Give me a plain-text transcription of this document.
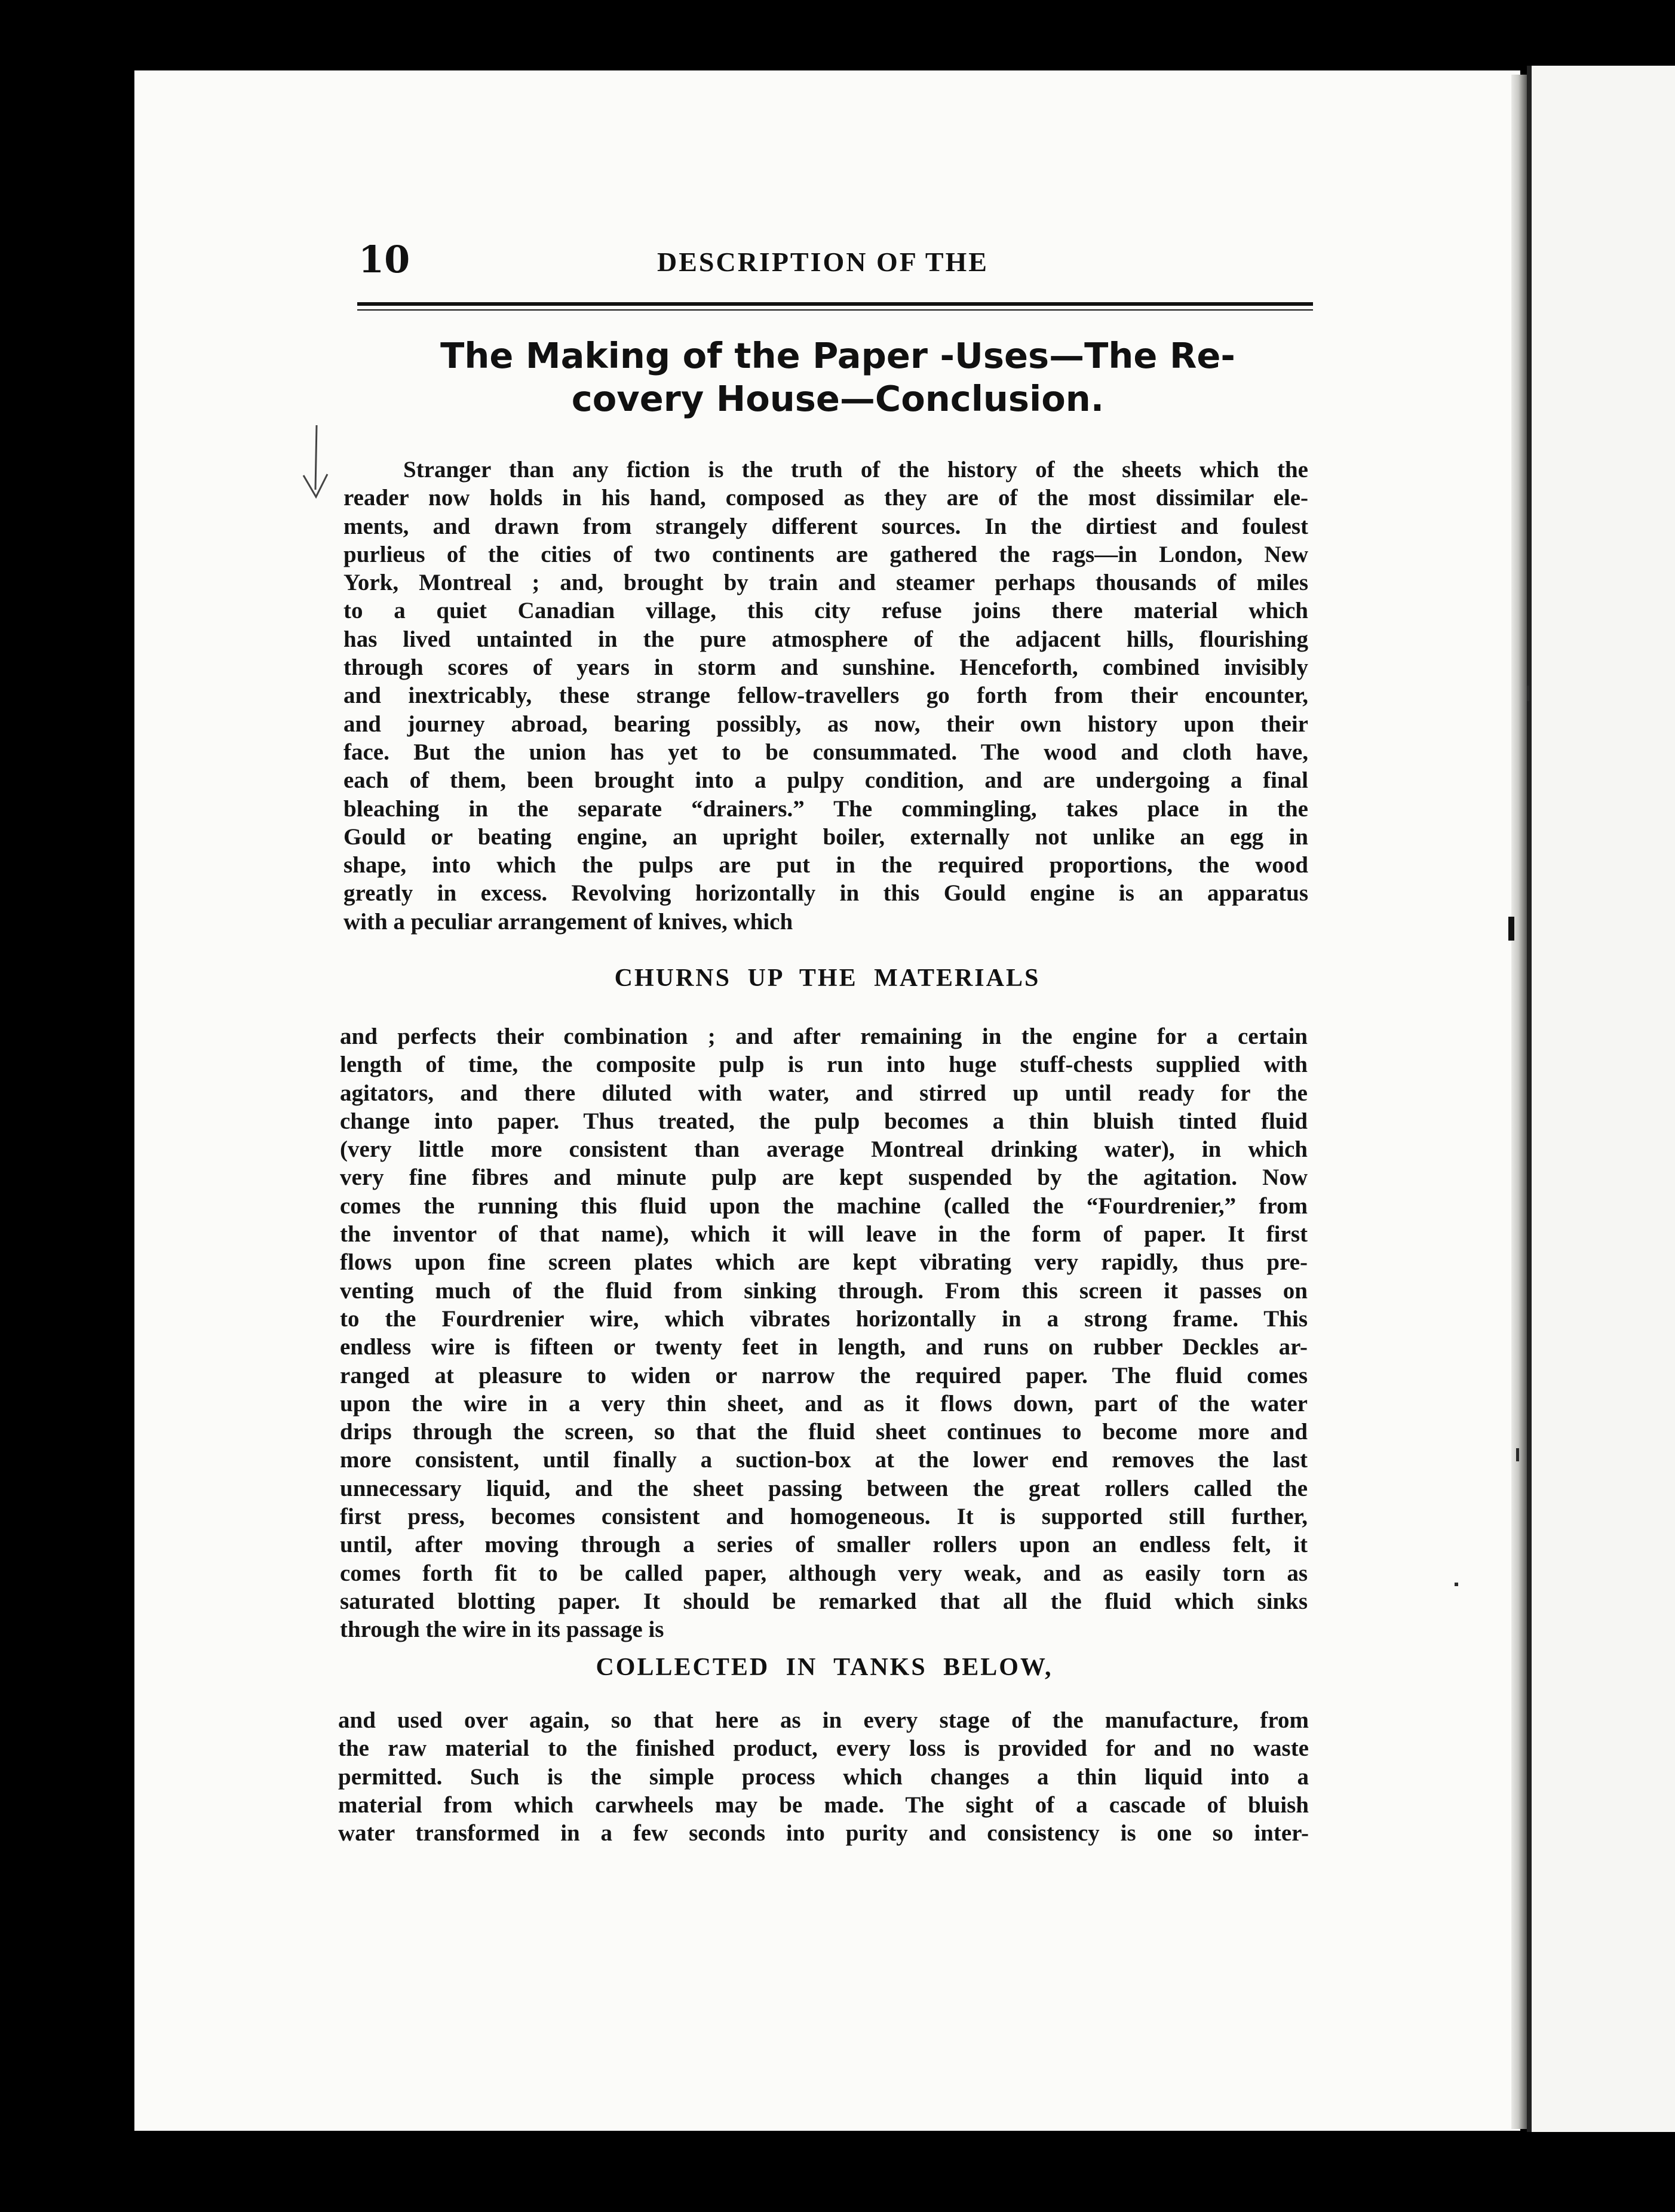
10	DESCRIPTION OF THE
The Making of the Paper -Uses—The Re-
covery House—Conclusion.
Stranger than any fiction is the truth of the history of the sheets which the
reader now holds in his hand, composed as they are of the most dissimilar ele-
ments, and drawn from strangely different sources. In the dirtiest and foulest
purlieus of the cities of two continents are gathered the rags—in London, New
York, Montreal ; and, brought by train and steamer perhaps thousands of miles
to a quiet Canadian village, this city refuse joins there material which
has lived untainted in the pure atmosphere of the adjacent hills, flourishing
through scores of years in storm and sunshine. Henceforth, combined invisibly
and inextricably, these strange fellow-travellers go forth from their encounter,
and journey abroad, bearing possibly, as now, their own history upon their
face. But the union has yet to be consummated. The wood and cloth have,
each of them, been brought into a pulpy condition, and are undergoing a final
bleaching in the separate “drainers.” The commingling, takes place in the
Gould or beating engine, an upright boiler, externally not unlike an egg in
shape, into which the pulps are put in the required proportions, the wood
greatly in excess. Revolving horizontally in this Gould engine is an apparatus
with a peculiar arrangement of knives, which
CHURNS UP THE MATERIALS
and perfects their combination ; and after remaining in the engine for a certain
length of time, the composite pulp is run into huge stuff-chests supplied with
agitators, and there diluted with water, and stirred up until ready for the
change into paper. Thus treated, the pulp becomes a thin bluish tinted fluid
(very little more consistent than average Montreal drinking water), in which
very fine fibres and minute pulp are kept suspended by the agitation. Now
comes the running this fluid upon the machine (called the “Fourdrenier,” from
the inventor of that name), which it will leave in the form of paper. It first
flows upon fine screen plates which are kept vibrating very rapidly, thus pre-
venting much of the fluid from sinking through. From this screen it passes on
to the Fourdrenier wire, which vibrates horizontally in a strong frame. This
endless wire is fifteen or twenty feet in length, and runs on rubber Deckles ar-
ranged at pleasure to widen or narrow the required paper. The fluid comes
upon the wire in a very thin sheet, and as it flows down, part of the water
drips through the screen, so that the fluid sheet continues to become more and
more consistent, until finally a suction-box at the lower end removes the last
unnecessary liquid, and the sheet passing between the great rollers called the
first press, becomes consistent and homogeneous. It is supported still further,
until, after moving through a series of smaller rollers upon an endless felt, it
comes forth fit to be called paper, although very weak, and as easily torn as
saturated blotting paper. It should be remarked that all the fluid which sinks
through the wire in its passage is
COLLECTED IN TANKS BELOW,
and used over again, so that here as in every stage of the manufacture, from
the raw material to the finished product, every loss is provided for and no waste
permitted. Such is the simple process which changes a thin liquid into a
material from which carwheels may be made. The sight of a cascade of bluish
water transformed in a few seconds into purity and consistency is one so inter-
